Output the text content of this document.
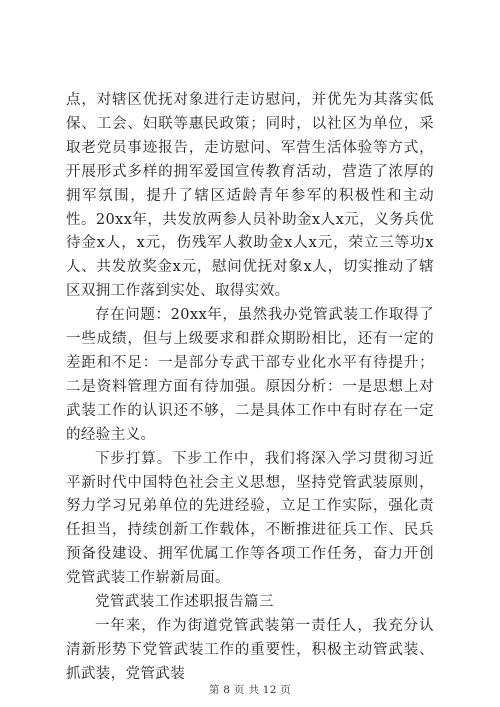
点，对辖区优抚对象进行走访慰问，并优先为其落实低保、工会、妇联等惠民政策；同时，以社区为单位，采取老党员事迹报告，走访慰问、军营生活体验等方式，开展形式多样的拥军爱国宣传教育活动，营造了浓厚的拥军氛围，提升了辖区适龄青年参军的积极性和主动性。20xx年，共发放两参人员补助金x人x元，义务兵优待金x人，x元，伤残军人救助金x人x元，荣立三等功x人、共发放奖金x元，慰问优抚对象x人，切实推动了辖区双拥工作落到实处、取得实效。

存在问题：20xx年，虽然我办党管武装工作取得了一些成绩，但与上级要求和群众期盼相比，还有一定的差距和不足：一是部分专武干部专业化水平有待提升；二是资料管理方面有待加强。原因分析：一是思想上对武装工作的认识还不够，二是具体工作中有时存在一定的经验主义。

下步打算。下步工作中，我们将深入学习贯彻习近平新时代中国特色社会主义思想，坚持党管武装原则，努力学习兄弟单位的先进经验，立足工作实际，强化责任担当，持续创新工作载体，不断推进征兵工作、民兵预备役建设、拥军优属工作等各项工作任务，奋力开创党管武装工作崭新局面。

党管武装工作述职报告篇三

一年来，作为街道党管武装第一责任人，我充分认清新形势下党管武装工作的重要性，积极主动管武装、抓武装，党管武装

第 8 页 共 12 页
